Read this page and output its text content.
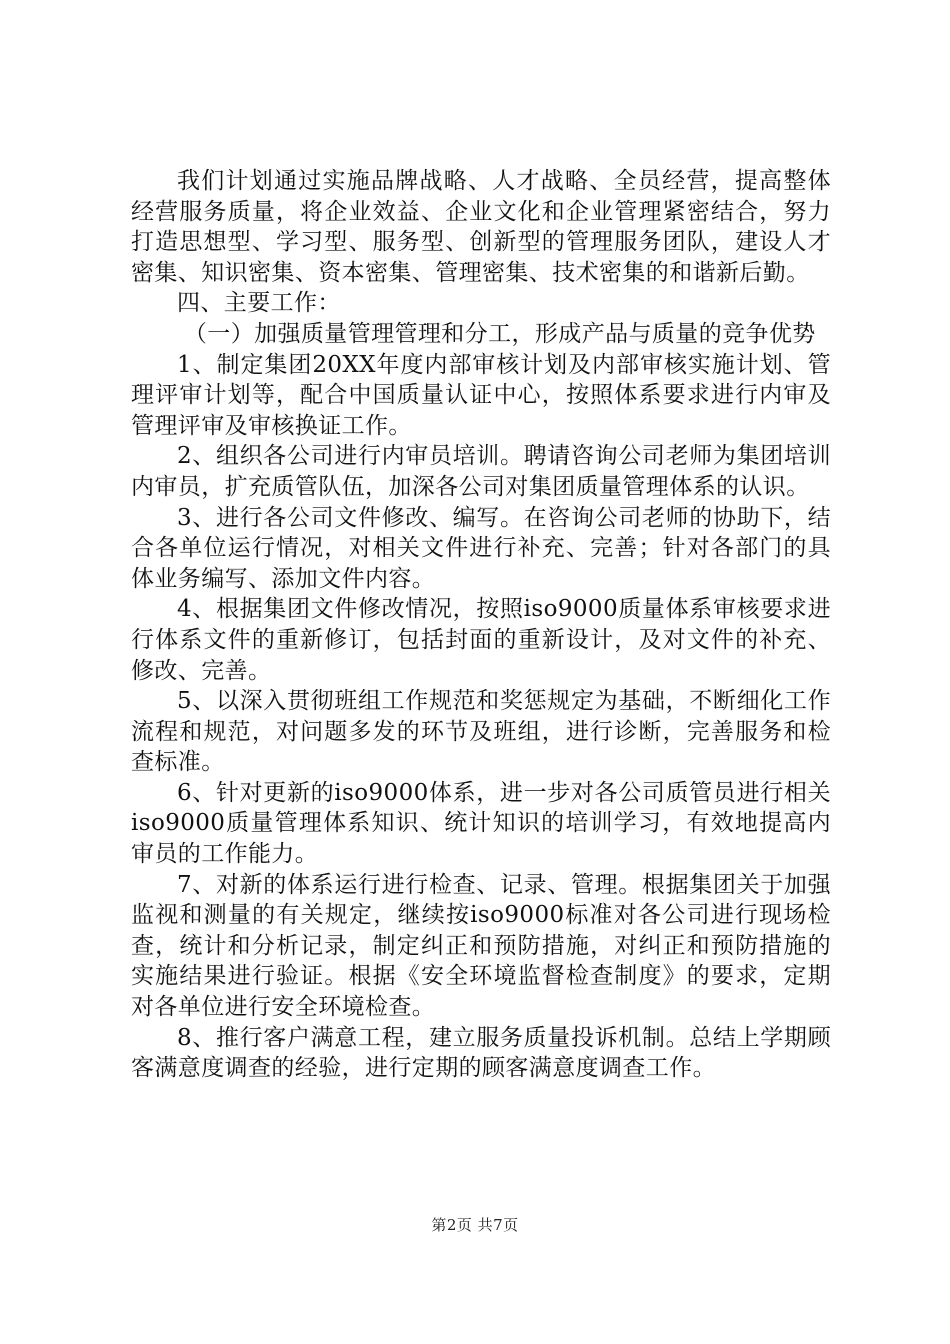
我们计划通过实施品牌战略、人才战略、全员经营，提高整体经营服务质量，将企业效益、企业文化和企业管理紧密结合，努力打造思想型、学习型、服务型、创新型的管理服务团队，建设人才密集、知识密集、资本密集、管理密集、技术密集的和谐新后勤。

四、主要工作：

（一）加强质量管理管理和分工，形成产品与质量的竞争优势

1、制定集团20XX年度内部审核计划及内部审核实施计划、管理评审计划等，配合中国质量认证中心，按照体系要求进行内审及管理评审及审核换证工作。

2、组织各公司进行内审员培训。聘请咨询公司老师为集团培训内审员，扩充质管队伍，加深各公司对集团质量管理体系的认识。

3、进行各公司文件修改、编写。在咨询公司老师的协助下，结合各单位运行情况，对相关文件进行补充、完善；针对各部门的具体业务编写、添加文件内容。

4、根据集团文件修改情况，按照iso9000质量体系审核要求进行体系文件的重新修订，包括封面的重新设计，及对文件的补充、修改、完善。

5、以深入贯彻班组工作规范和奖惩规定为基础，不断细化工作流程和规范，对问题多发的环节及班组，进行诊断，完善服务和检查标准。

6、针对更新的iso9000体系，进一步对各公司质管员进行相关iso9000质量管理体系知识、统计知识的培训学习，有效地提高内审员的工作能力。

7、对新的体系运行进行检查、记录、管理。根据集团关于加强监视和测量的有关规定，继续按iso9000标准对各公司进行现场检查，统计和分析记录，制定纠正和预防措施，对纠正和预防措施的实施结果进行验证。根据《安全环境监督检查制度》的要求，定期对各单位进行安全环境检查。

8、推行客户满意工程，建立服务质量投诉机制。总结上学期顾客满意度调查的经验，进行定期的顾客满意度调查工作。

第2页 共7页
